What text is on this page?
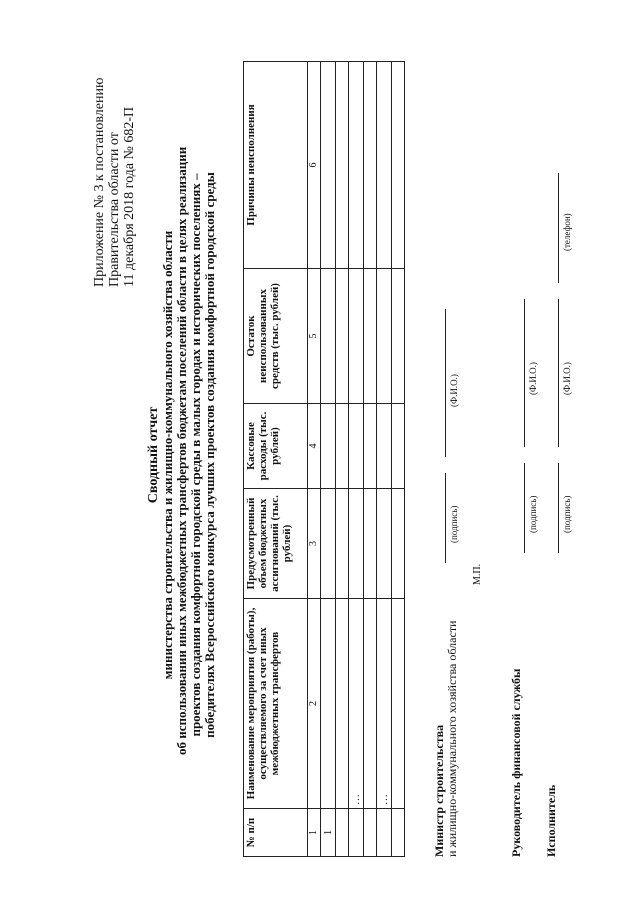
Приложение № 3 к постановлению Правительства области от 11 декабря 2018 года № 682-П
Сводный отчет министерства строительства и жилищно-коммунального хозяйства области об использовании иных межбюджетных трансфертов бюджетам поселений области в целях реализации проектов создания комфортной городской среды в малых городах и исторических поселениях – победителях Всероссийского конкурса лучших проектов создания комфортной городской среды
№ п/п	Наименование мероприятия (работы), осуществляемого за счет иных межбюджетных трансфертов	Предусмотренный объем бюджетных ассигнований (тыс. рублей)	Кассовые расходы (тыс. рублей)	Остаток неиспользованных средств (тыс. рублей)	Причины неисполнения
1	2	3	4	5	6
1					

	…				

	…				
						Министр строительства и жилищно-коммунального хозяйства области
(подпись)
(Ф.И.О.)
М.П.
Руководитель финансовой службы
(подпись)
(Ф.И.О.)
Исполнитель
(подпись)
(Ф.И.О.)
(телефон)
